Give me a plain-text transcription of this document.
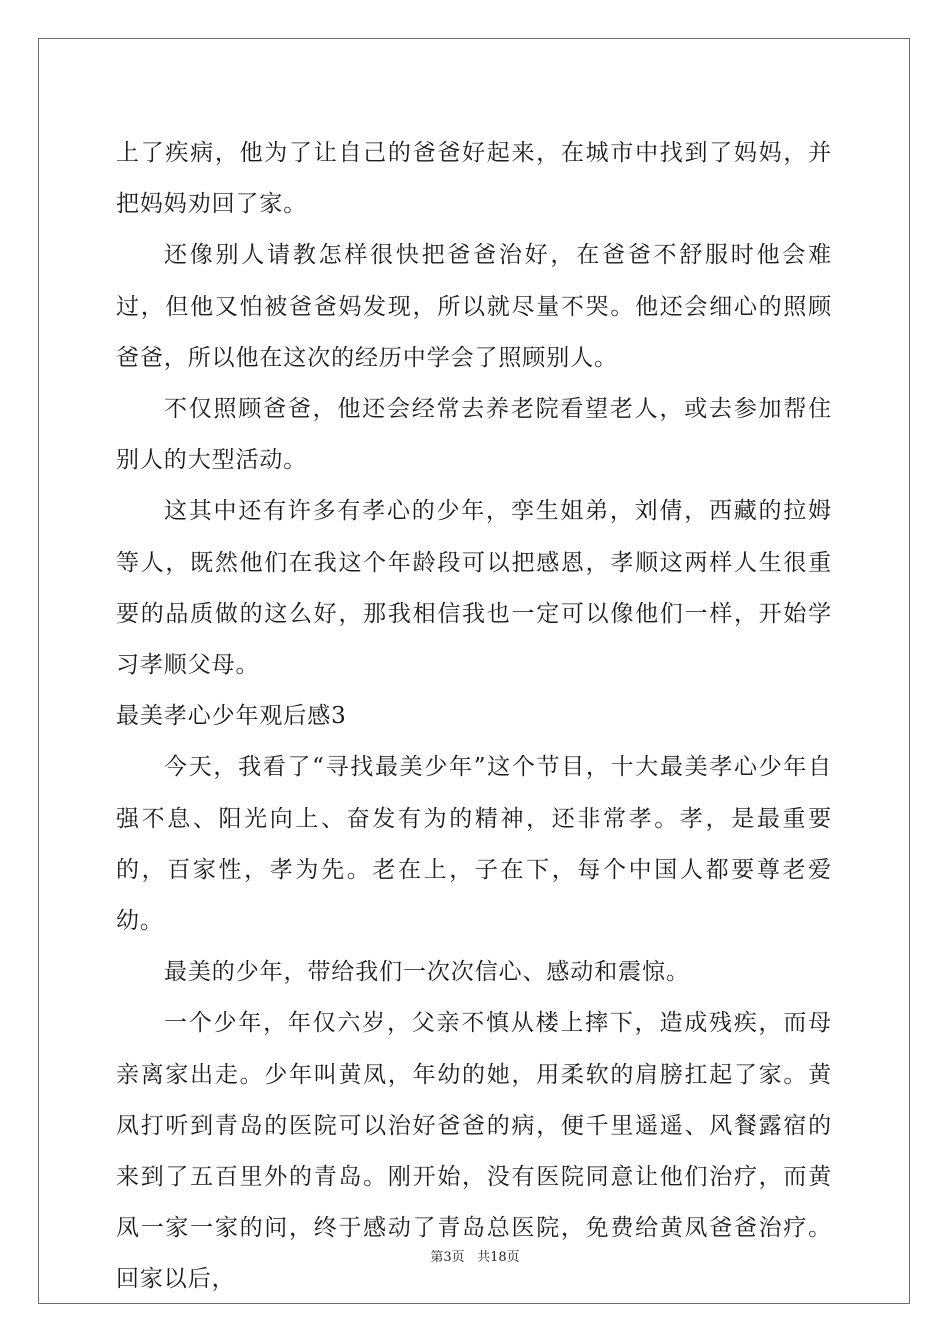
上了疾病，他为了让自己的爸爸好起来，在城市中找到了妈妈，并把妈妈劝回了家。

还像别人请教怎样很快把爸爸治好，在爸爸不舒服时他会难过，但他又怕被爸爸妈发现，所以就尽量不哭。他还会细心的照顾爸爸，所以他在这次的经历中学会了照顾别人。

不仅照顾爸爸，他还会经常去养老院看望老人，或去参加帮住别人的大型活动。

这其中还有许多有孝心的少年，孪生姐弟，刘倩，西藏的拉姆等人，既然他们在我这个年龄段可以把感恩，孝顺这两样人生很重要的品质做的这么好，那我相信我也一定可以像他们一样，开始学习孝顺父母。

最美孝心少年观后感3

今天，我看了“寻找最美少年”这个节目，十大最美孝心少年自强不息、阳光向上、奋发有为的精神，还非常孝。孝，是最重要的，百家性，孝为先。老在上，子在下，每个中国人都要尊老爱幼。

最美的少年，带给我们一次次信心、感动和震惊。

一个少年，年仅六岁，父亲不慎从楼上摔下，造成残疾，而母亲离家出走。少年叫黄凤，年幼的她，用柔软的肩膀扛起了家。黄凤打听到青岛的医院可以治好爸爸的病，便千里遥遥、风餐露宿的来到了五百里外的青岛。刚开始，没有医院同意让他们治疗，而黄凤一家一家的问，终于感动了青岛总医院，免费给黄凤爸爸治疗。回家以后，

第3页 共18页
